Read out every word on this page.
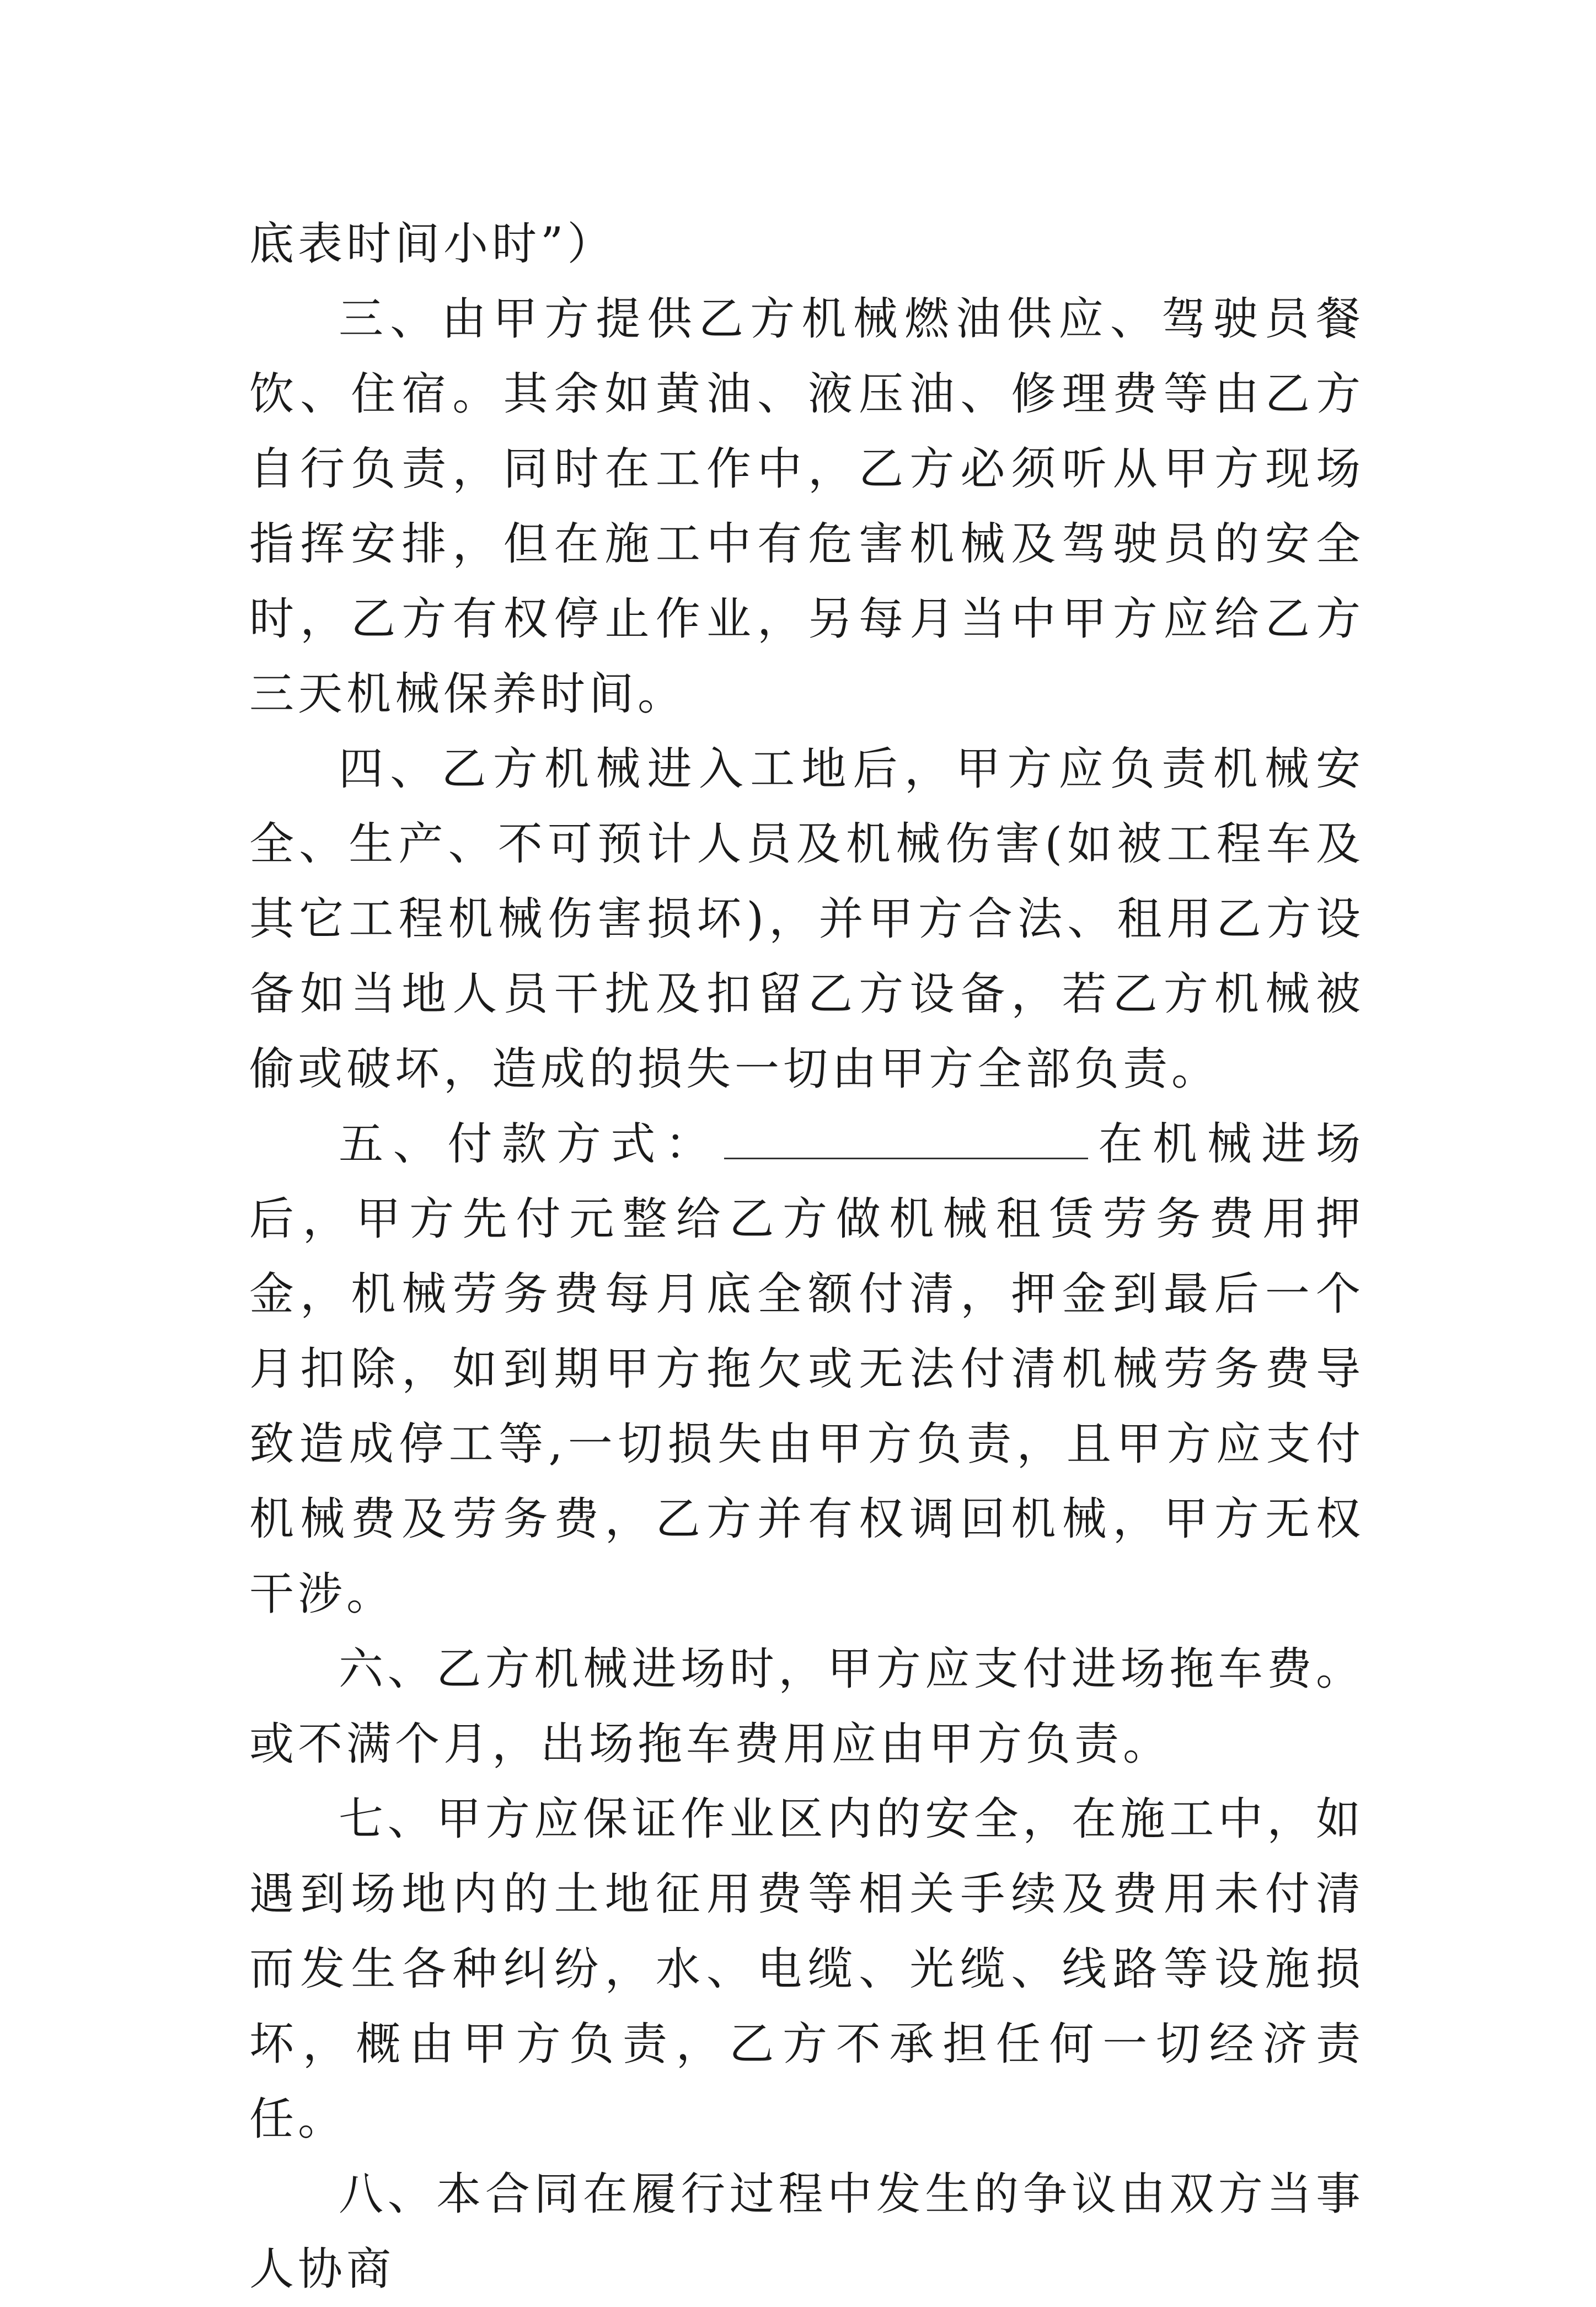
底表时间小时”）

三、由甲方提供乙方机械燃油供应、驾驶员餐饮、住宿。其余如黄油、液压油、修理费等由乙方自行负责，同时在工作中，乙方必须听从甲方现场指挥安排，但在施工中有危害机械及驾驶员的安全时，乙方有权停止作业，另每月当中甲方应给乙方三天机械保养时间。

四、乙方机械进入工地后，甲方应负责机械安全、生产、不可预计人员及机械伤害(如被工程车及其它工程机械伤害损坏)，并甲方合法、租用乙方设备如当地人员干扰及扣留乙方设备，若乙方机械被偷或破坏，造成的损失一切由甲方全部负责。

五、付款方式：	在机械进场后，甲方先付元整给乙方做机械租赁劳务费用押金，机械劳务费每月底全额付清，押金到最后一个月扣除，如到期甲方拖欠或无法付清机械劳务费导致造成停工等,一切损失由甲方负责，且甲方应支付机械费及劳务费，乙方并有权调回机械，甲方无权干涉。

六、乙方机械进场时，甲方应支付进场拖车费。或不满个月，出场拖车费用应由甲方负责。

七、甲方应保证作业区内的安全，在施工中，如遇到场地内的土地征用费等相关手续及费用未付清而发生各种纠纷，水、电缆、光缆、线路等设施损坏，概由甲方负责，乙方不承担任何一切经济责任。

八、本合同在履行过程中发生的争议由双方当事人协商
